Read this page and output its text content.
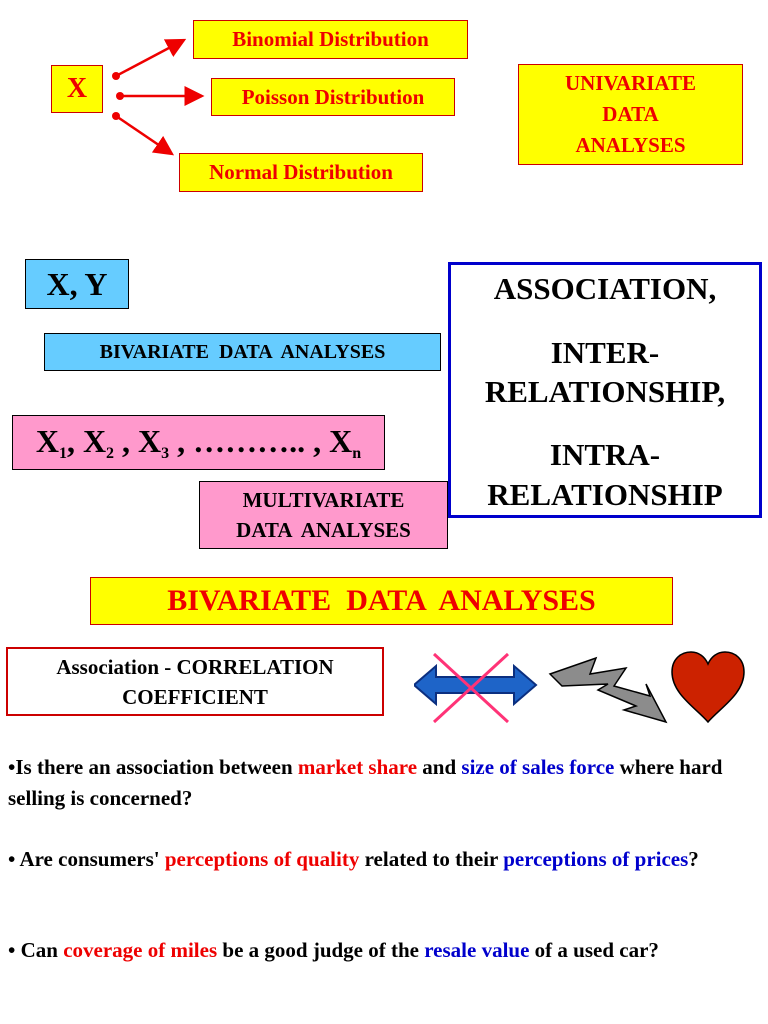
X
Binomial Distribution
Poisson Distribution
Normal Distribution
UNIVARIATE
DATA
ANALYSES
X, Y
BIVARIATE  DATA  ANALYSES
$X_1$, $X_2$ , $X_3$ , ……….. , $X_n$
MULTIVARIATE
DATA  ANALYSES
ASSOCIATION,
INTER-
RELATIONSHIP,
INTRA-
RELATIONSHIP
BIVARIATE  DATA  ANALYSES
Association - CORRELATION
COEFFICIENT
•Is there an association between market share and size of sales force where hard selling is concerned?
• Are consumers' perceptions of quality related to their perceptions of prices?
• Can coverage of miles be a good judge of the resale value of a used car?
